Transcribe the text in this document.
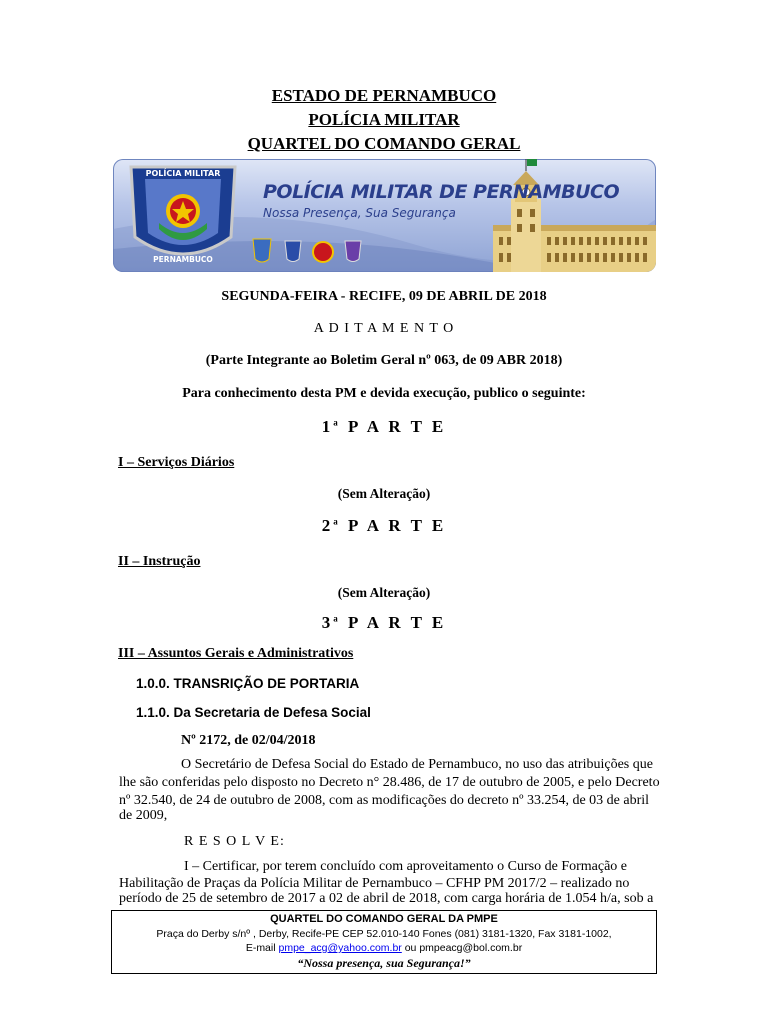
ESTADO DE PERNAMBUCO
POLÍCIA MILITAR
QUARTEL DO COMANDO GERAL
POLÍCIA MILITAR
PERNAMBUCO
POLÍCIA MILITAR DE PERNAMBUCO
Nossa Presença, Sua Segurança
SEGUNDA-FEIRA - RECIFE, 09 DE ABRIL DE 2018
A D I T A M E N T O
(Parte Integrante ao Boletim Geral nº 063, de 09 ABR 2018)
Para conhecimento desta PM e devida execução, publico o seguinte:
1$^a$ P A R T E
I – Serviços Diários
(Sem Alteração)
2$^a$ P A R T E
II – Instrução
(Sem Alteração)
3$^a$ P A R T E
III – Assuntos Gerais e Administrativos
1.0.0. TRANSRIÇÃO DE PORTARIA
1.1.0. Da Secretaria de Defesa Social
Nº 2172, de 02/04/2018
O Secretário de Defesa Social do Estado de Pernambuco, no uso das atribuições que
lhe são conferidas pelo disposto no Decreto n° 28.486, de 17 de outubro de 2005, e pelo Decreto
nº 32.540, de 24 de outubro de 2008, com as modificações do decreto nº 33.254, de 03 de abril
de 2009,
R E S O L V E:
I – Certificar, por terem concluído com aproveitamento o Curso de Formação e
Habilitação de Praças da Polícia Militar de Pernambuco – CFHP PM 2017/2 – realizado no
período de 25 de setembro de 2017 a 02 de abril de 2018, com carga horária de 1.054 h/a, sob a
QUARTEL DO COMANDO GERAL DA PMPE
Praça do Derby s/nº , Derby, Recife-PE CEP 52.010-140 Fones (081) 3181-1320, Fax 3181-1002,
E-mail pmpe_acg@yahoo.com.br ou pmpeacg@bol.com.br
“Nossa presença, sua Segurança!”
